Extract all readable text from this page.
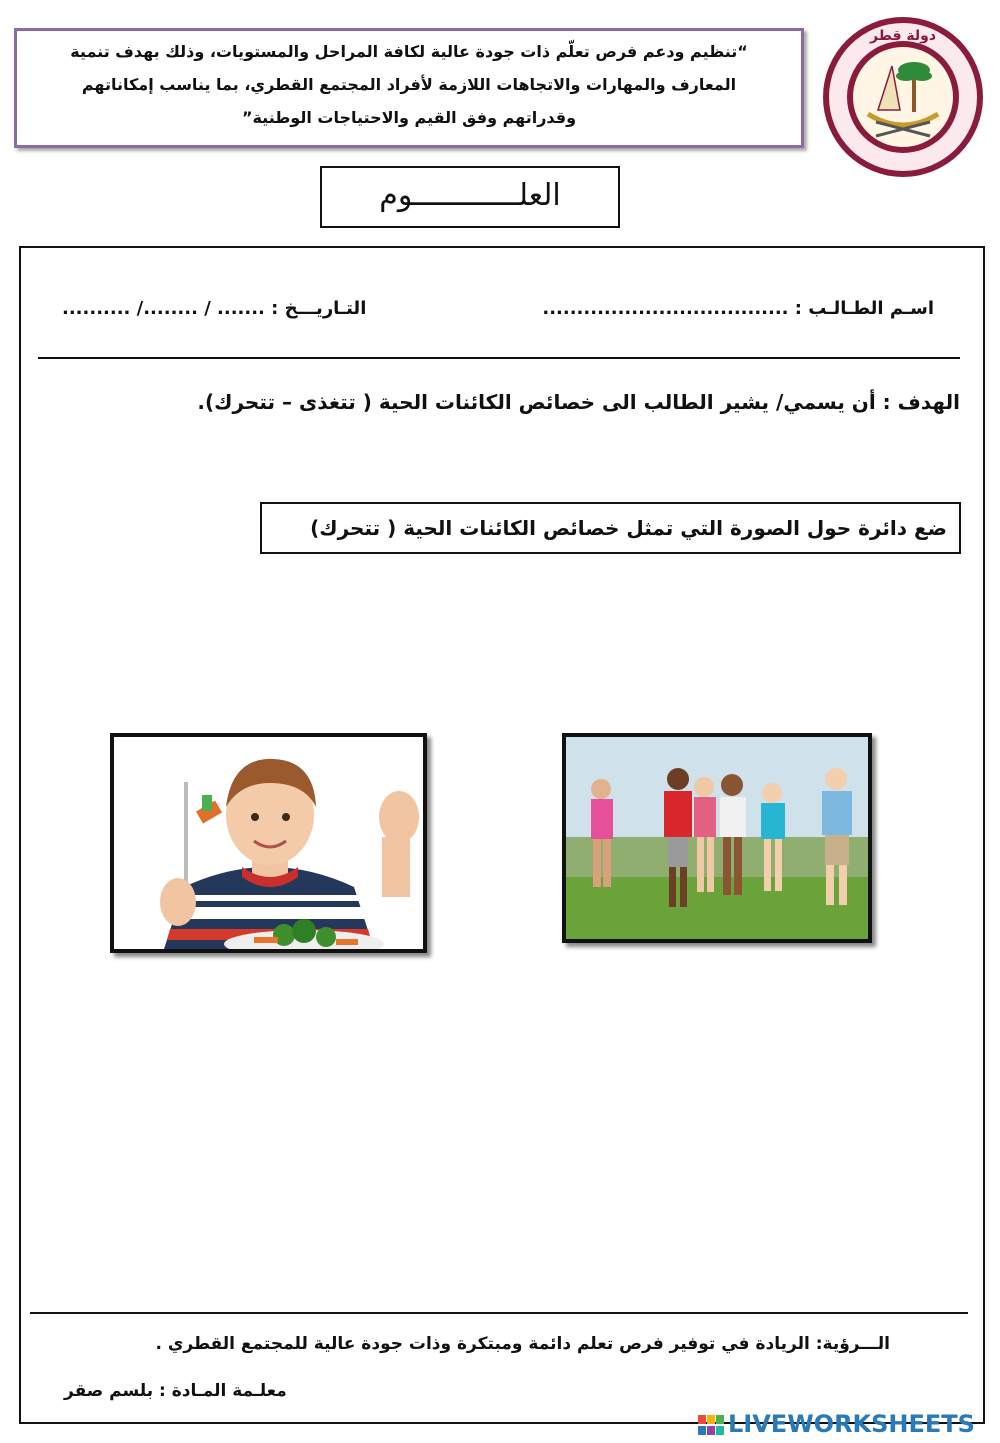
“تنظيم ودعم فرص تعلّم ذات جودة عالية لكافة المراحل والمستويات، وذلك بهدف تنمية
المعارف والمهارات والاتجاهات اللازمة لأفراد المجتمع القطري، بما يناسب إمكاناتهم
وقدراتهم وفق القيم والاحتياجات الوطنية”
دولة قطر
العلــــــــــــوم
اسـم الطـالـب : ....................................
التـاريـــخ : ....... / ......../ ..........
الهدف : أن يسمي/ يشير الطالب الى خصائص الكائنات الحية ( تتغذى – تتحرك).
ضع دائرة حول الصورة التي تمثل خصائص الكائنات الحية ( تتحرك)
الـــرؤية: الريادة في توفير فرص تعلم دائمة ومبتكرة وذات جودة عالية للمجتمع القطري .
معلـمة المـادة : بلسم صقر
LIVEWORKSHEETS
